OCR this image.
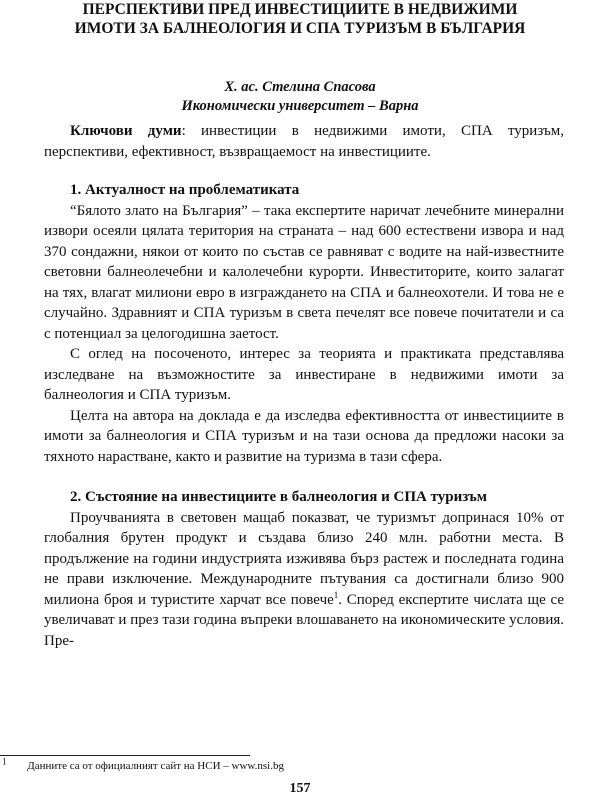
ПЕРСПЕКТИВИ ПРЕД ИНВЕСТИЦИИТЕ В НЕДВИЖИМИ
ИМОТИ ЗА БАЛНЕОЛОГИЯ И СПА ТУРИЗЪМ В БЪЛГАРИЯ
Х. ас. Стелина Спасова
Икономически университет – Варна

Ключови думи: инвестиции в недвижими имоти, СПА туризъм, перспективи, ефективност, възвращаемост на инвестициите.

1. Актуалност на проблематиката

“Бялото злато на България” – така експертите наричат лечебните минерални извори осеяли цялата територия на страната – над 600 естествени извора и над 370 сондажни, някои от които по състав се равняват с водите на най-известните световни балнеолечебни и калолечебни курорти. Инвеститорите, които залагат на тях, влагат милиони евро в изграждането на СПА и балнеохотели. И това не е случайно. Здравният и СПА туризъм в света печелят все повече почитатели и са с потенциал за целогодишна заетост.

С оглед на посоченото, интерес за теорията и практиката представлява изследване на възможностите за инвестиране в недвижими имоти за балнеология и СПА туризъм.

Целта на автора на доклада е да изследва ефективността от инвестициите в имоти за балнеология и СПА туризъм и на тази основа да предложи насоки за тяхното нарастване, както и развитие на туризма в тази сфера.

2. Състояние на инвестициите в балнеология и СПА туризъм

Проучванията в световен мащаб показват, че туризмът допринася 10% от глобалния брутен продукт и създава близо 240 млн. работни места. В продължение на години индустрията изживява бърз растеж и последната година не прави изключение. Международните пътувания са достигнали близо 900 милиона броя и туристите харчат все повече$^1$. Според експертите числата ще се увеличават и през тази година въпреки влошаването на икономическите условия. Пре-

$^1$ Данните са от официалният сайт на НСИ – www.nsi.bg
157
